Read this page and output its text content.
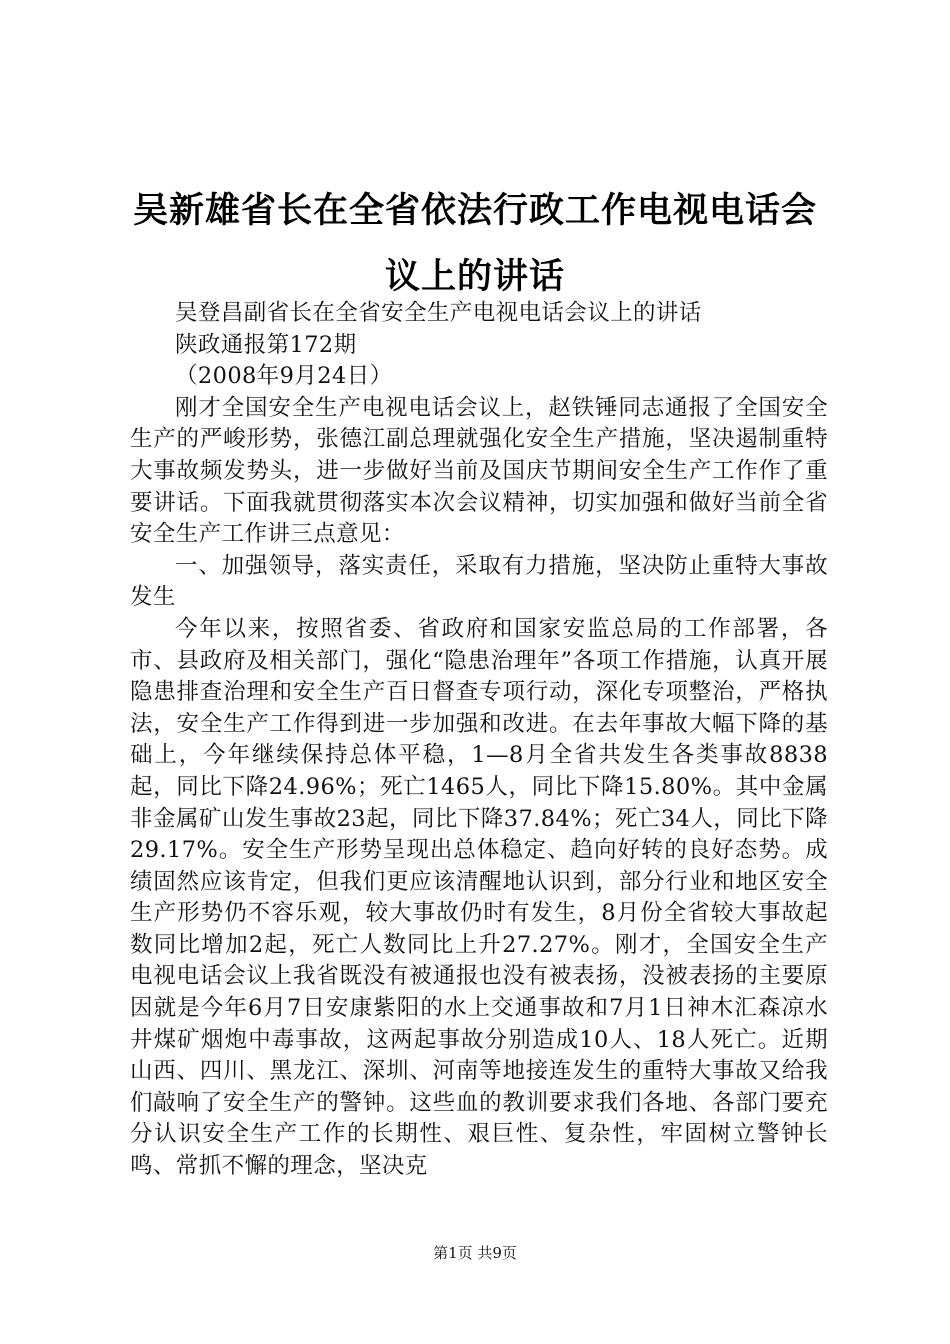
吴新雄省长在全省依法行政工作电视电话会议上的讲话

吴登昌副省长在全省安全生产电视电话会议上的讲话

陕政通报第172期

（2008年9月24日）

刚才全国安全生产电视电话会议上，赵铁锤同志通报了全国安全生产的严峻形势，张德江副总理就强化安全生产措施，坚决遏制重特大事故频发势头，进一步做好当前及国庆节期间安全生产工作作了重要讲话。下面我就贯彻落实本次会议精神，切实加强和做好当前全省安全生产工作讲三点意见：

一、加强领导，落实责任，采取有力措施，坚决防止重特大事故发生

今年以来，按照省委、省政府和国家安监总局的工作部署，各市、县政府及相关部门，强化“隐患治理年”各项工作措施，认真开展隐患排查治理和安全生产百日督查专项行动，深化专项整治，严格执法，安全生产工作得到进一步加强和改进。在去年事故大幅下降的基础上，今年继续保持总体平稳，1—8月全省共发生各类事故8838起，同比下降24.96%；死亡1465人，同比下降15.80%。其中金属非金属矿山发生事故23起，同比下降37.84%；死亡34人，同比下降29.17%。安全生产形势呈现出总体稳定、趋向好转的良好态势。成绩固然应该肯定，但我们更应该清醒地认识到，部分行业和地区安全生产形势仍不容乐观，较大事故仍时有发生，8月份全省较大事故起数同比增加2起，死亡人数同比上升27.27%。刚才，全国安全生产电视电话会议上我省既没有被通报也没有被表扬，没被表扬的主要原因就是今年6月7日安康紫阳的水上交通事故和7月1日神木汇森凉水井煤矿烟炮中毒事故，这两起事故分别造成10人、18人死亡。近期山西、四川、黑龙江、深圳、河南等地接连发生的重特大事故又给我们敲响了安全生产的警钟。这些血的教训要求我们各地、各部门要充分认识安全生产工作的长期性、艰巨性、复杂性，牢固树立警钟长鸣、常抓不懈的理念，坚决克

第1页 共9页
